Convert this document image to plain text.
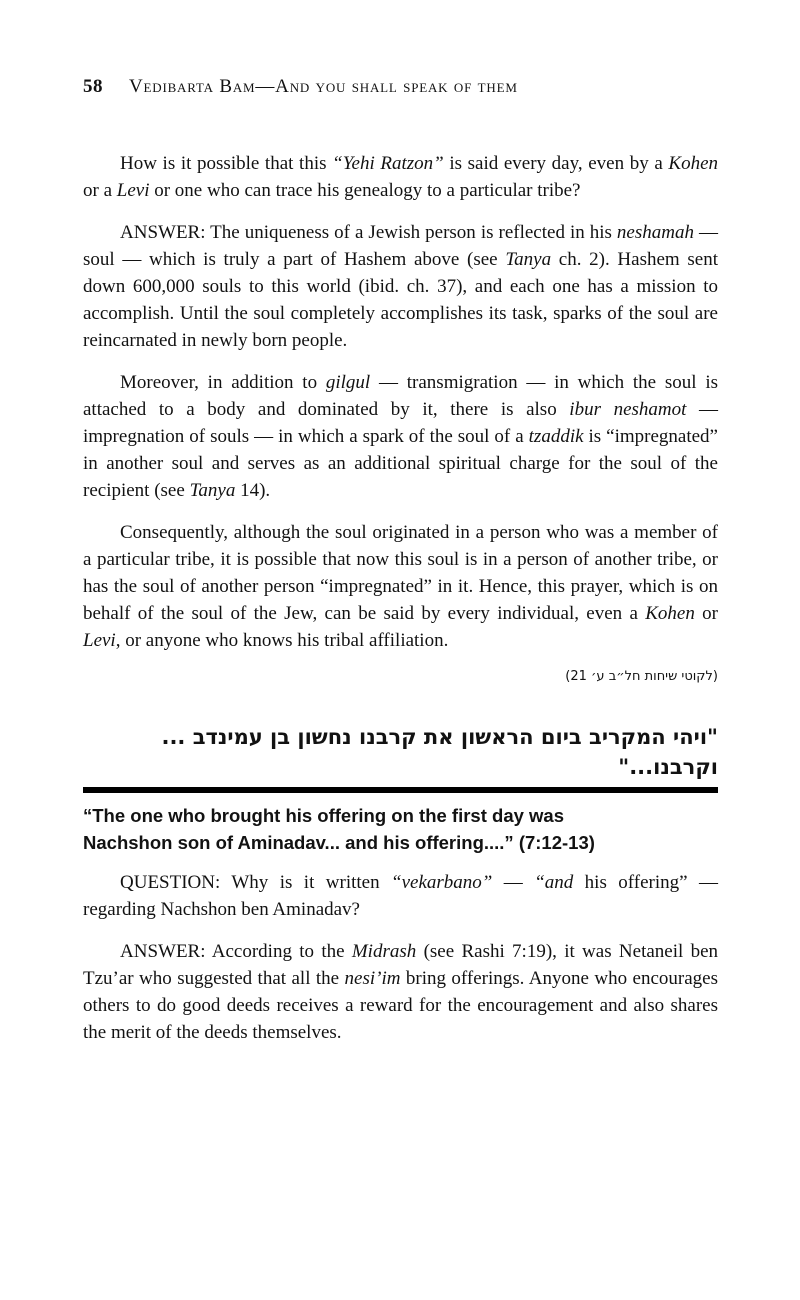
58 Vedibarta Bam—And you shall speak of them

How is it possible that this “Yehi Ratzon” is said every day, even by a Kohen or a Levi or one who can trace his genealogy to a particular tribe?

ANSWER: The uniqueness of a Jewish person is reflected in his neshamah — soul — which is truly a part of Hashem above (see Tanya ch. 2). Hashem sent down 600,000 souls to this world (ibid. ch. 37), and each one has a mission to accomplish. Until the soul completely accomplishes its task, sparks of the soul are reincarnated in newly born people.

Moreover, in addition to gilgul — transmigration — in which the soul is attached to a body and dominated by it, there is also ibur neshamot — impregnation of souls — in which a spark of the soul of a tzaddik is “impregnated” in another soul and serves as an additional spiritual charge for the soul of the recipient (see Tanya 14).

Consequently, although the soul originated in a person who was a member of a particular tribe, it is possible that now this soul is in a person of another tribe, or has the soul of another person “impregnated” in it. Hence, this prayer, which is on behalf of the soul of the Jew, can be said by every individual, even a Kohen or Levi, or anyone who knows his tribal affiliation.

(לקוטי שיחות חל״ב ע׳ 21)
"ויהי המקריב ביום הראשון את קרבנו נחשון בן עמינדב ...
וקרבנו..."
“The one who brought his offering on the first day was
Nachshon son of Aminadav... and his offering....” (7:12-13)

QUESTION: Why is it written “vekarbano” — “and his offering” — regarding Nachshon ben Aminadav?

ANSWER: According to the Midrash (see Rashi 7:19), it was Netaneil ben Tzu’ar who suggested that all the nesi’im bring offerings. Anyone who encourages others to do good deeds receives a reward for the encouragement and also shares the merit of the deeds themselves.
